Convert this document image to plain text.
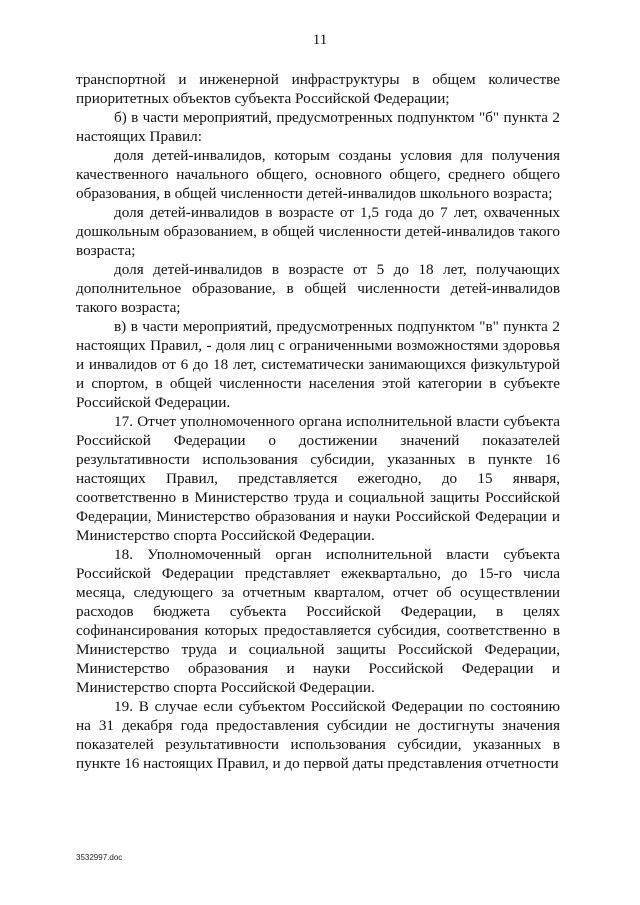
11

транспортной и инженерной инфраструктуры в общем количестве приоритетных объектов субъекта Российской Федерации;

б) в части мероприятий, предусмотренных подпунктом "б" пункта 2 настоящих Правил:

доля детей-инвалидов, которым созданы условия для получения качественного начального общего, основного общего, среднего общего образования, в общей численности детей-инвалидов школьного возраста;

доля детей-инвалидов в возрасте от 1,5 года до 7 лет, охваченных дошкольным образованием, в общей численности детей-инвалидов такого возраста;

доля детей-инвалидов в возрасте от 5 до 18 лет, получающих дополнительное образование, в общей численности детей-инвалидов такого возраста;

в) в части мероприятий, предусмотренных подпунктом "в" пункта 2 настоящих Правил, - доля лиц с ограниченными возможностями здоровья и инвалидов от 6 до 18 лет, систематически занимающихся физкультурой и спортом, в общей численности населения этой категории в субъекте Российской Федерации.

17. Отчет уполномоченного органа исполнительной власти субъекта Российской Федерации о достижении значений показателей результативности использования субсидии, указанных в пункте 16 настоящих Правил, представляется ежегодно, до 15 января, соответственно в Министерство труда и социальной защиты Российской Федерации, Министерство образования и науки Российской Федерации и Министерство спорта Российской Федерации.

18. Уполномоченный орган исполнительной власти субъекта Российской Федерации представляет ежеквартально, до 15-го числа месяца, следующего за отчетным кварталом, отчет об осуществлении расходов бюджета субъекта Российской Федерации, в целях софинансирования которых предоставляется субсидия, соответственно в Министерство труда и социальной защиты Российской Федерации, Министерство образования и науки Российской Федерации и Министерство спорта Российской Федерации.

19. В случае если субъектом Российской Федерации по состоянию на 31 декабря года предоставления субсидии не достигнуты значения показателей результативности использования субсидии, указанных в пункте 16 настоящих Правил, и до первой даты представления отчетности

3532997.doc
